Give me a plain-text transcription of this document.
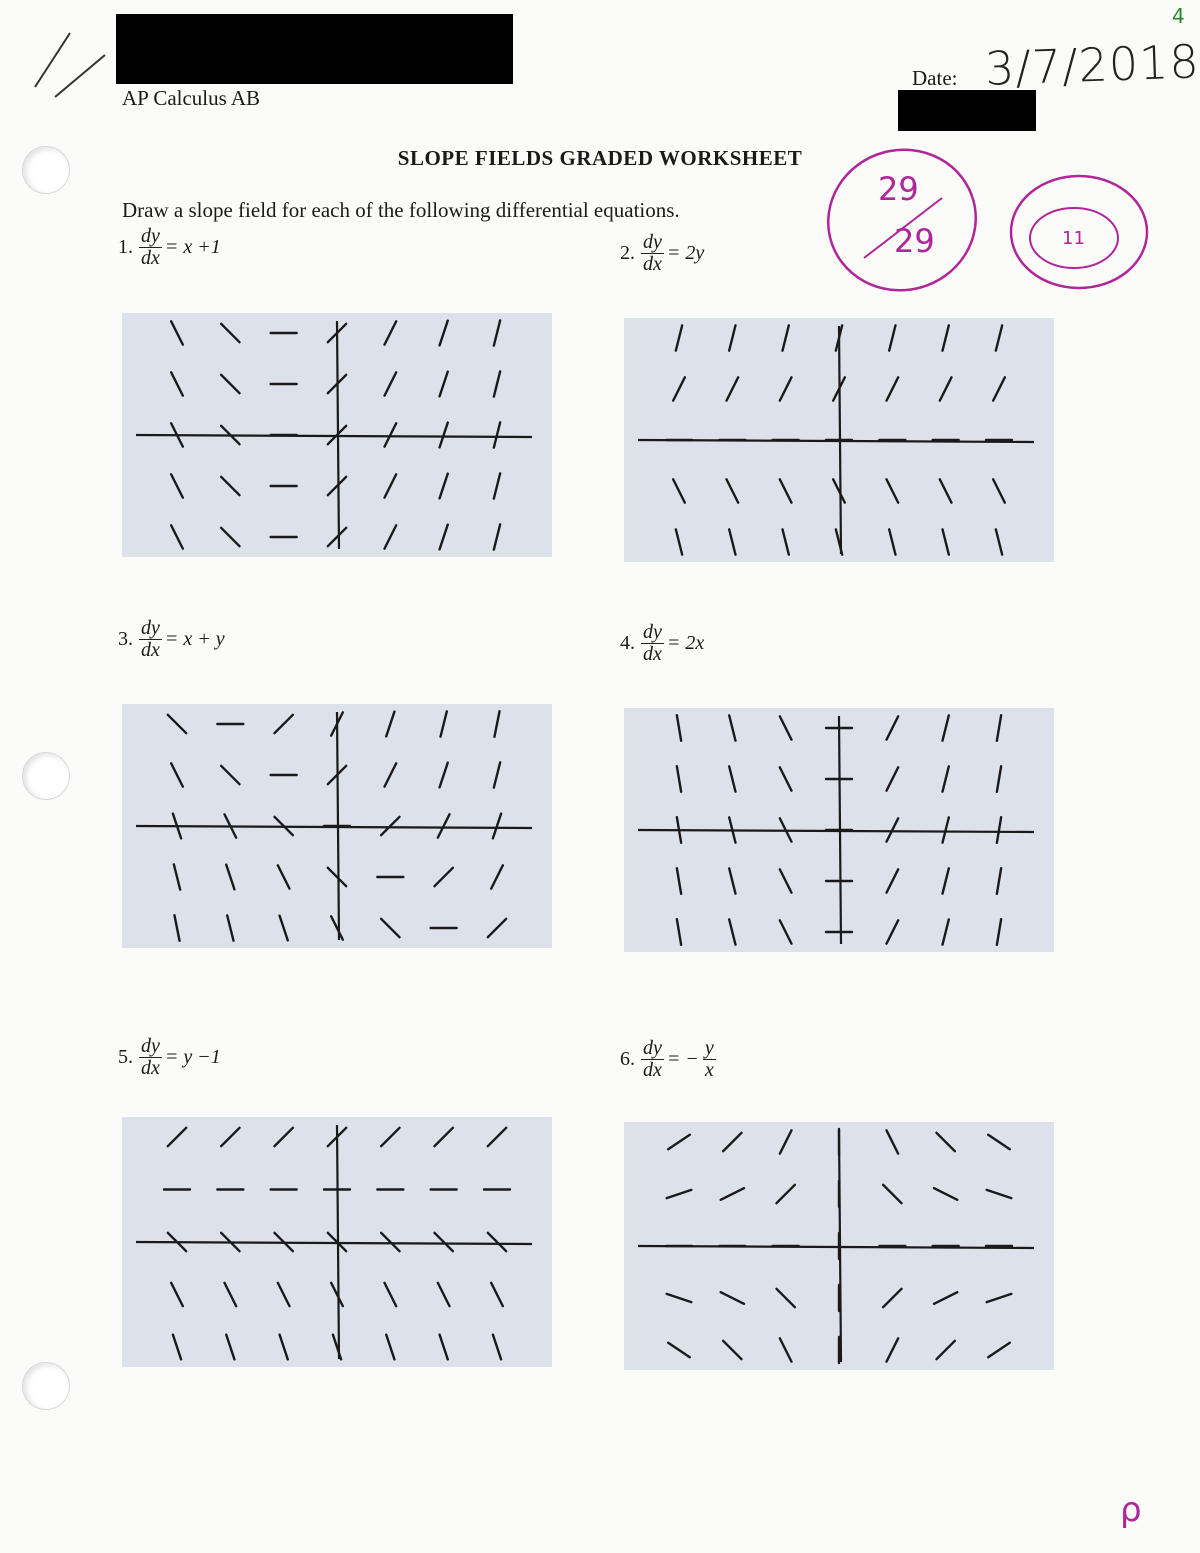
AP Calculus AB
Date: 3/7/2018
SLOPE FIELDS GRADED WORKSHEET
Draw a slope field for each of the following differential equations.
29
29	11
4
ρ
1. $\frac{dy}{dx} = x +1$	2. $\frac{dy}{dx} = 2y$
3. $\frac{dy}{dx} = x + y$	4. $\frac{dy}{dx} = 2x$
5. $\frac{dy}{dx} = y -1$	6. $\frac{dy}{dx}$ = − $\frac{y}{x}$
